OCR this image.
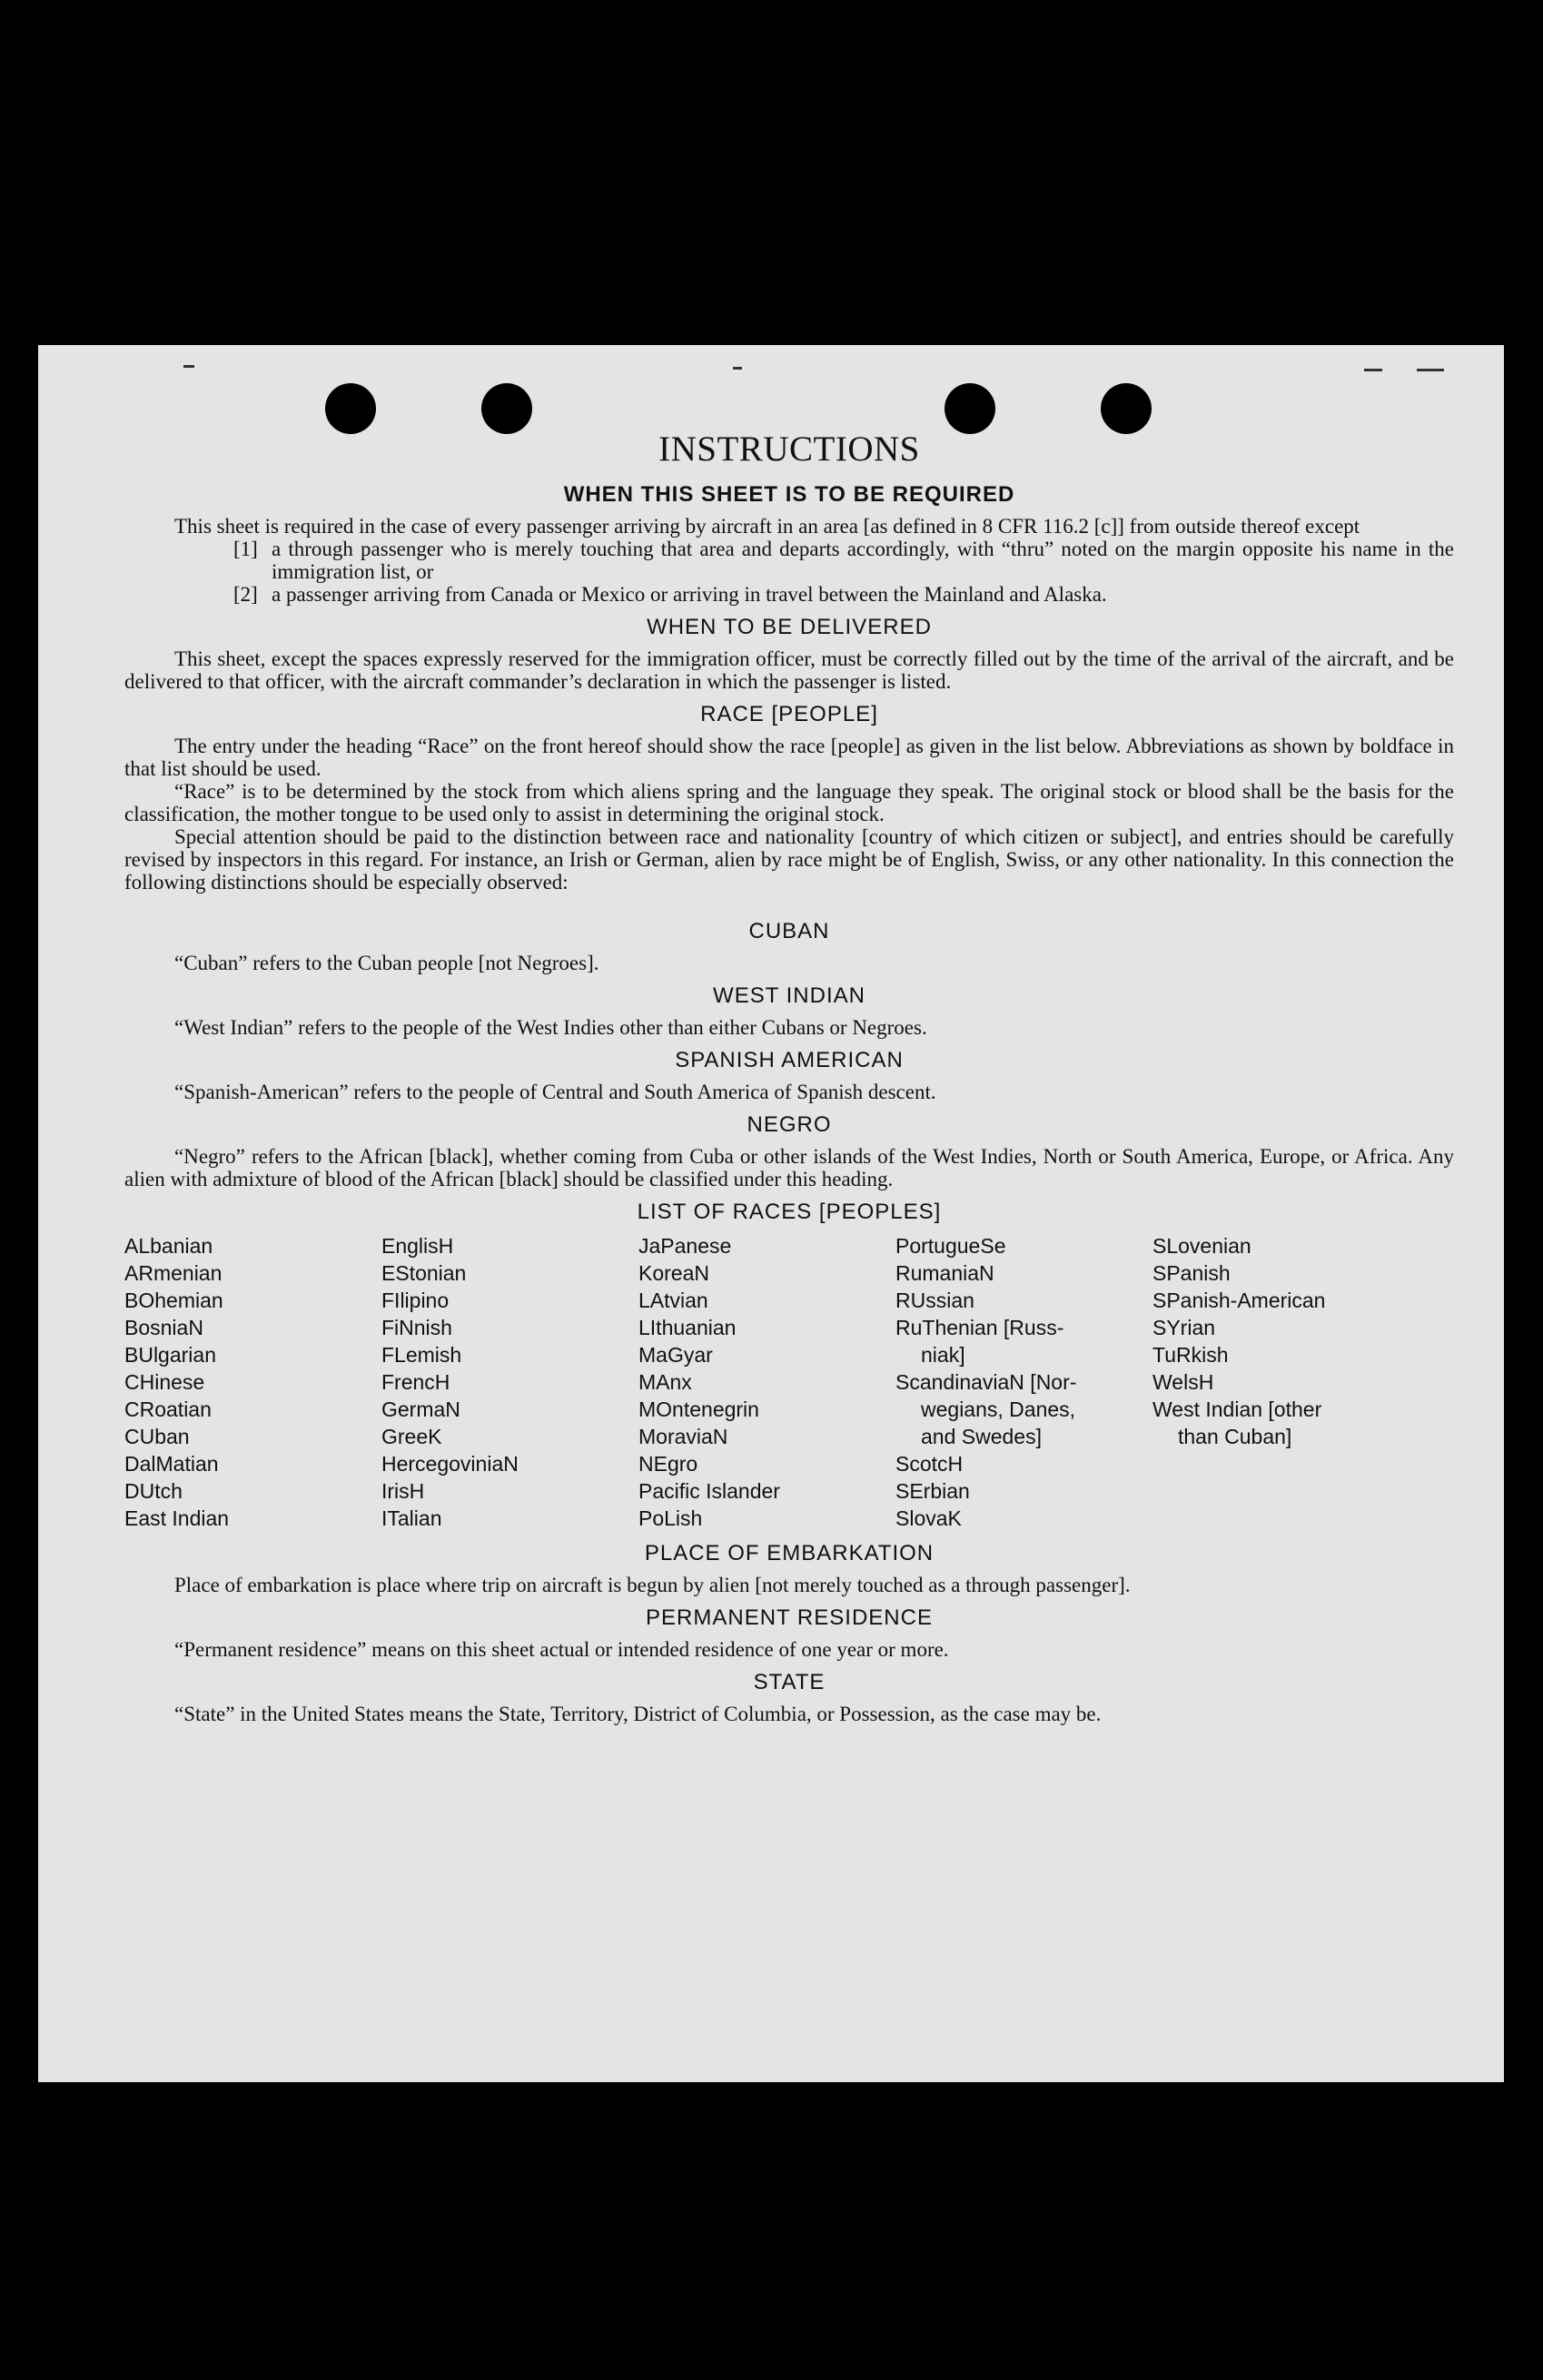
INSTRUCTIONS
WHEN THIS SHEET IS TO BE REQUIRED

This sheet is required in the case of every passenger arriving by aircraft in an area [as defined in 8 CFR 116.2 [c]] from outside thereof except

[1] a through passenger who is merely touching that area and departs accordingly, with “thru” noted on the margin opposite his name in the immigration list, or

[2] a passenger arriving from Canada or Mexico or arriving in travel between the Mainland and Alaska.

WHEN TO BE DELIVERED

This sheet, except the spaces expressly reserved for the immigration officer, must be correctly filled out by the time of the arrival of the aircraft, and be delivered to that officer, with the aircraft commander’s declaration in which the passenger is listed.

RACE [PEOPLE]

The entry under the heading “Race” on the front hereof should show the race [people] as given in the list below. Abbreviations as shown by boldface in that list should be used.

“Race” is to be determined by the stock from which aliens spring and the language they speak. The original stock or blood shall be the basis for the classification, the mother tongue to be used only to assist in determining the original stock.

Special attention should be paid to the distinction between race and nationality [country of which citizen or subject], and entries should be carefully revised by inspectors in this regard. For instance, an Irish or German, alien by race might be of English, Swiss, or any other nationality. In this connection the following distinctions should be especially observed:

CUBAN

“Cuban” refers to the Cuban people [not Negroes].

WEST INDIAN

“West Indian” refers to the people of the West Indies other than either Cubans or Negroes.

SPANISH AMERICAN

“Spanish-American” refers to the people of Central and South America of Spanish descent.

NEGRO

“Negro” refers to the African [black], whether coming from Cuba or other islands of the West Indies, North or South America, Europe, or Africa. Any alien with admixture of blood of the African [black] should be classified under this heading.

LIST OF RACES [PEOPLES]
ALbanian
ARmenian
BOhemian
BosniaN
BUlgarian
CHinese
CRoatian
CUban
DalMatian
DUtch
East Indian
EnglisH
EStonian
FIlipino
FiNnish
FLemish
FrencH
GermaN
GreeK
HercegoviniaN
IrisH
ITalian
JaPanese
KoreaN
LAtvian
LIthuanian
MaGyar
MAnx
MOntenegrin
MoraviaN
NEgro
Pacific Islander
PoLish
PortugueSe
RumaniaN
RUssian
RuThenian [Russ-
niak]
ScandinaviaN [Nor-
wegians, Danes,
and Swedes]
ScotcH
SErbian
SlovaK
SLovenian
SPanish
SPanish-American
SYrian
TuRkish
WelsH
West Indian [other
than Cuban]
PLACE OF EMBARKATION

Place of embarkation is place where trip on aircraft is begun by alien [not merely touched as a through passenger].

PERMANENT RESIDENCE

“Permanent residence” means on this sheet actual or intended residence of one year or more.

STATE

“State” in the United States means the State, Territory, District of Columbia, or Possession, as the case may be.
